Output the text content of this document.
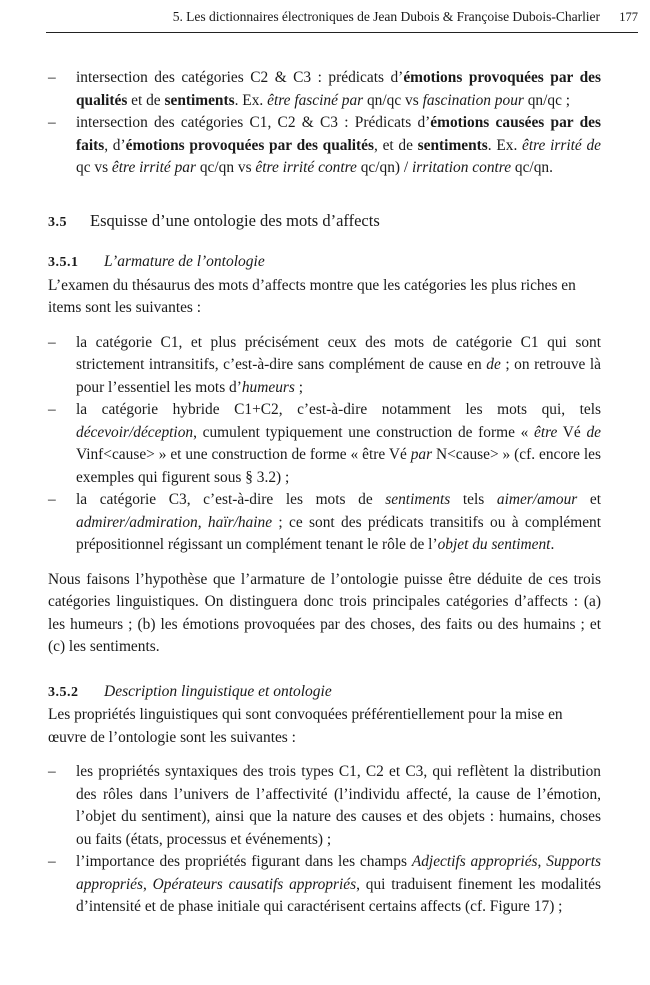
5. Les dictionnaires électroniques de Jean Dubois & Françoise Dubois-Charlier 177
– intersection des catégories C2 & C3 : prédicats d’émotions provoquées par des qualités et de sentiments. Ex. être fasciné par qn/qc vs fascination pour qn/qc ;
– intersection des catégories C1, C2 & C3 : Prédicats d’émotions causées par des faits, d’émotions provoquées par des qualités, et de sentiments. Ex. être irrité de qc vs être irrité par qc/qn vs être irrité contre qc/qn) / irritation contre qc/qn.
3.5	Esquisse d’une ontologie des mots d’affects
3.5.1	L’armature de l’ontologie

L’examen du thésaurus des mots d’affects montre que les catégories les plus riches en items sont les suivantes :

– la catégorie C1, et plus précisément ceux des mots de catégorie C1 qui sont strictement intransitifs, c’est-à-dire sans complément de cause en de ; on retrouve là pour l’essentiel les mots d’humeurs ;
– la catégorie hybride C1+C2, c’est-à-dire notamment les mots qui, tels décevoir/déception, cumulent typiquement une construction de forme « être Vé de Vinf<cause> » et une construction de forme « être Vé par N<cause> » (cf. encore les exemples qui figurent sous § 3.2) ;
– la catégorie C3, c’est-à-dire les mots de sentiments tels aimer/amour et admirer/admiration, haïr/haine ; ce sont des prédicats transitifs ou à complément prépositionnel régissant un complément tenant le rôle de l’objet du sentiment.

Nous faisons l’hypothèse que l’armature de l’ontologie puisse être déduite de ces trois catégories linguistiques. On distinguera donc trois principales catégories d’affects : (a) les humeurs ; (b) les émotions provoquées par des choses, des faits ou des humains ; et (c) les sentiments.

3.5.2	Description linguistique et ontologie

Les propriétés linguistiques qui sont convoquées préférentiellement pour la mise en œuvre de l’ontologie sont les suivantes :

– les propriétés syntaxiques des trois types C1, C2 et C3, qui reflètent la distribution des rôles dans l’univers de l’affectivité (l’individu affecté, la cause de l’émotion, l’objet du sentiment), ainsi que la nature des causes et des objets : humains, choses ou faits (états, processus et événements) ;
– l’importance des propriétés figurant dans les champs Adjectifs appropriés, Supports appropriés, Opérateurs causatifs appropriés, qui traduisent finement les modalités d’intensité et de phase initiale qui caractérisent certains affects (cf. Figure 17) ;
